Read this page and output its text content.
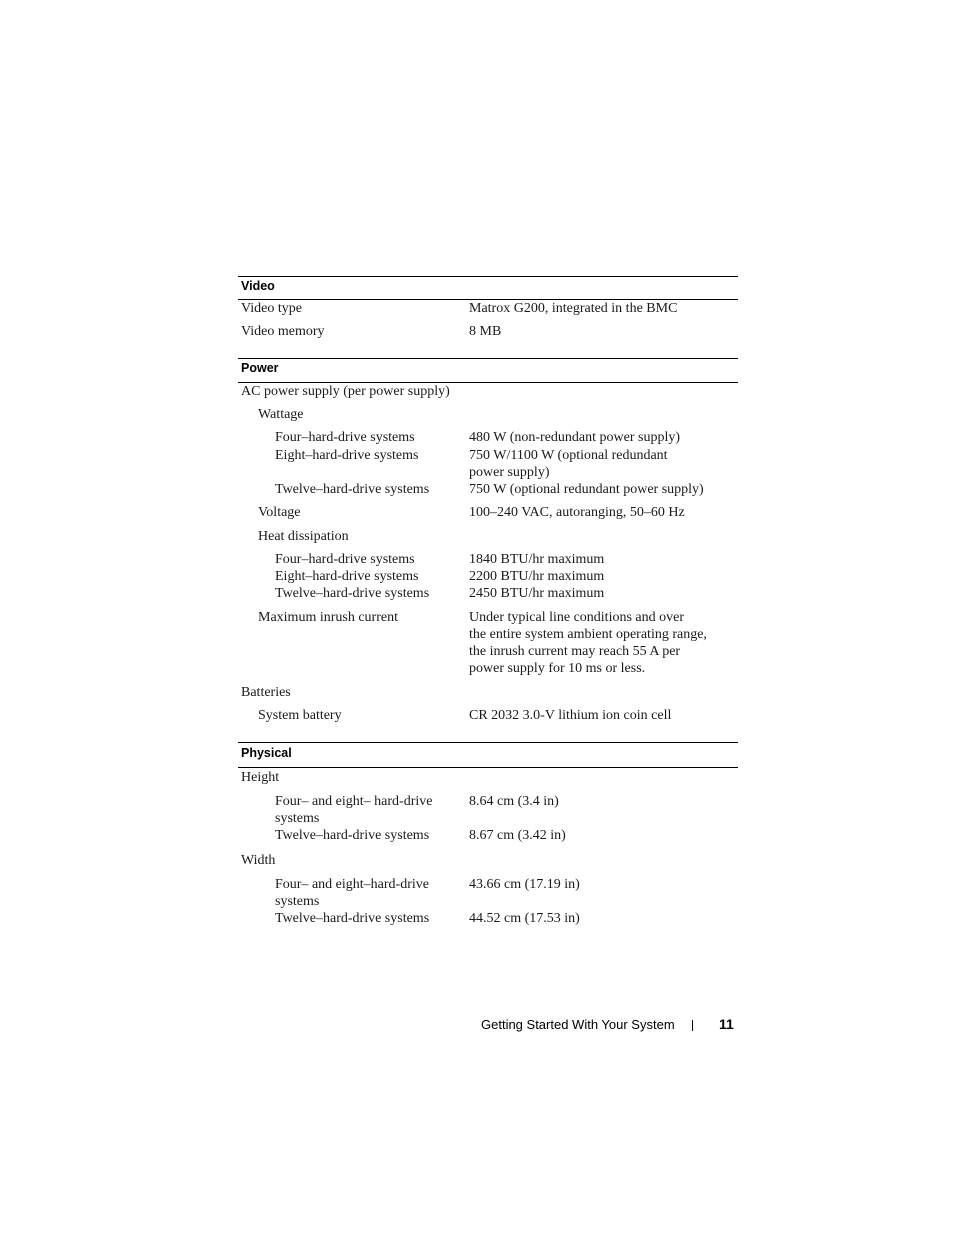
Video
Video type	Matrox G200, integrated in the BMC
Video memory	8 MB
Power
AC power supply (per power supply)
Wattage
Four–hard-drive systems	480 W (non-redundant power supply)
Eight–hard-drive systems	750 W/1100 W (optional redundant
power supply)
Twelve–hard-drive systems	750 W (optional redundant power supply)
Voltage	100–240 VAC, autoranging, 50–60 Hz
Heat dissipation
Four–hard-drive systems	1840 BTU/hr maximum
Eight–hard-drive systems	2200 BTU/hr maximum
Twelve–hard-drive systems	2450 BTU/hr maximum
Maximum inrush current	Under typical line conditions and over
the entire system ambient operating range,
the inrush current may reach 55 A per
power supply for 10 ms or less.
Batteries
System battery	CR 2032 3.0-V lithium ion coin cell
Physical
Height
Four– and eight– hard-drive	8.64 cm (3.4 in)
systems
Twelve–hard-drive systems	8.67 cm (3.42 in)
Width
Four– and eight–hard-drive	43.66 cm (17.19 in)
systems
Twelve–hard-drive systems	44.52 cm (17.53 in)
Getting Started With Your System	11
